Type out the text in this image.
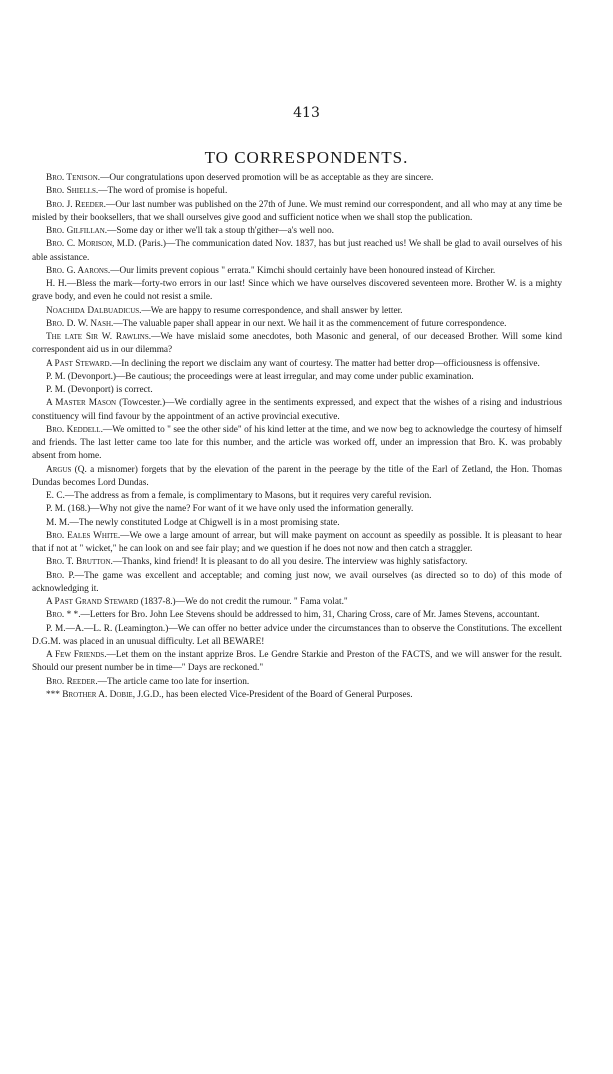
413
TO CORRESPONDENTS.

Bro. Tenison.—Our congratulations upon deserved promotion will be as acceptable as they are sincere.

Bro. Shiells.—The word of promise is hopeful.

Bro. J. Reeder.—Our last number was published on the 27th of June. We must remind our correspondent, and all who may at any time be misled by their booksellers, that we shall ourselves give good and sufficient notice when we shall stop the publication.

Bro. Gilfillan.—Some day or ither we'll tak a stoup th'gither—a's well noo.

Bro. C. Morison, M.D. (Paris.)—The communication dated Nov. 1837, has but just reached us! We shall be glad to avail ourselves of his able assistance.

Bro. G. Aarons.—Our limits prevent copious " errata." Kimchi should certainly have been honoured instead of Kircher.

H. H.—Bless the mark—forty-two errors in our last! Since which we have ourselves discovered seventeen more. Brother W. is a mighty grave body, and even he could not resist a smile.

Noachida Dalbuadicus.—We are happy to resume correspondence, and shall answer by letter.

Bro. D. W. Nash.—The valuable paper shall appear in our next. We hail it as the commencement of future correspondence.

The late Sir W. Rawlins.—We have mislaid some anecdotes, both Masonic and general, of our deceased Brother. Will some kind correspondent aid us in our dilemma?

A Past Steward.—In declining the report we disclaim any want of courtesy. The matter had better drop—officiousness is offensive.

P. M. (Devonport.)—Be cautious; the proceedings were at least irregular, and may come under public examination.

P. M. (Devonport) is correct.

A Master Mason (Towcester.)—We cordially agree in the sentiments expressed, and expect that the wishes of a rising and industrious constituency will find favour by the appointment of an active provincial executive.

Bro. Keddell.—We omitted to " see the other side" of his kind letter at the time, and we now beg to acknowledge the courtesy of himself and friends. The last letter came too late for this number, and the article was worked off, under an impression that Bro. K. was probably absent from home.

Argus (Q. a misnomer) forgets that by the elevation of the parent in the peerage by the title of the Earl of Zetland, the Hon. Thomas Dundas becomes Lord Dundas.

E. C.—The address as from a female, is complimentary to Masons, but it requires very careful revision.

P. M. (168.)—Why not give the name? For want of it we have only used the information generally.

M. M.—The newly constituted Lodge at Chigwell is in a most promising state.

Bro. Eales White.—We owe a large amount of arrear, but will make payment on account as speedily as possible. It is pleasant to hear that if not at " wicket," he can look on and see fair play; and we question if he does not now and then catch a straggler.

Bro. T. Brutton.—Thanks, kind friend! It is pleasant to do all you desire. The interview was highly satisfactory.

Bro. P.—The game was excellent and acceptable; and coming just now, we avail ourselves (as directed so to do) of this mode of acknowledging it.

A Past Grand Steward (1837-8.)—We do not credit the rumour. " Fama volat."

Bro. * *.—Letters for Bro. John Lee Stevens should be addressed to him, 31, Charing Cross, care of Mr. James Stevens, accountant.

P. M.—A.—L. R. (Leamington.)—We can offer no better advice under the circumstances than to observe the Constitutions. The excellent D.G.M. was placed in an unusual difficulty. Let all BEWARE!

A Few Friends.—Let them on the instant apprize Bros. Le Gendre Starkie and Preston of the FACTS, and we will answer for the result. Should our present number be in time—" Days are reckoned."

Bro. Reeder.—The article came too late for insertion.

*** Brother A. Dobie, J.G.D., has been elected Vice-President of the Board of General Purposes.
